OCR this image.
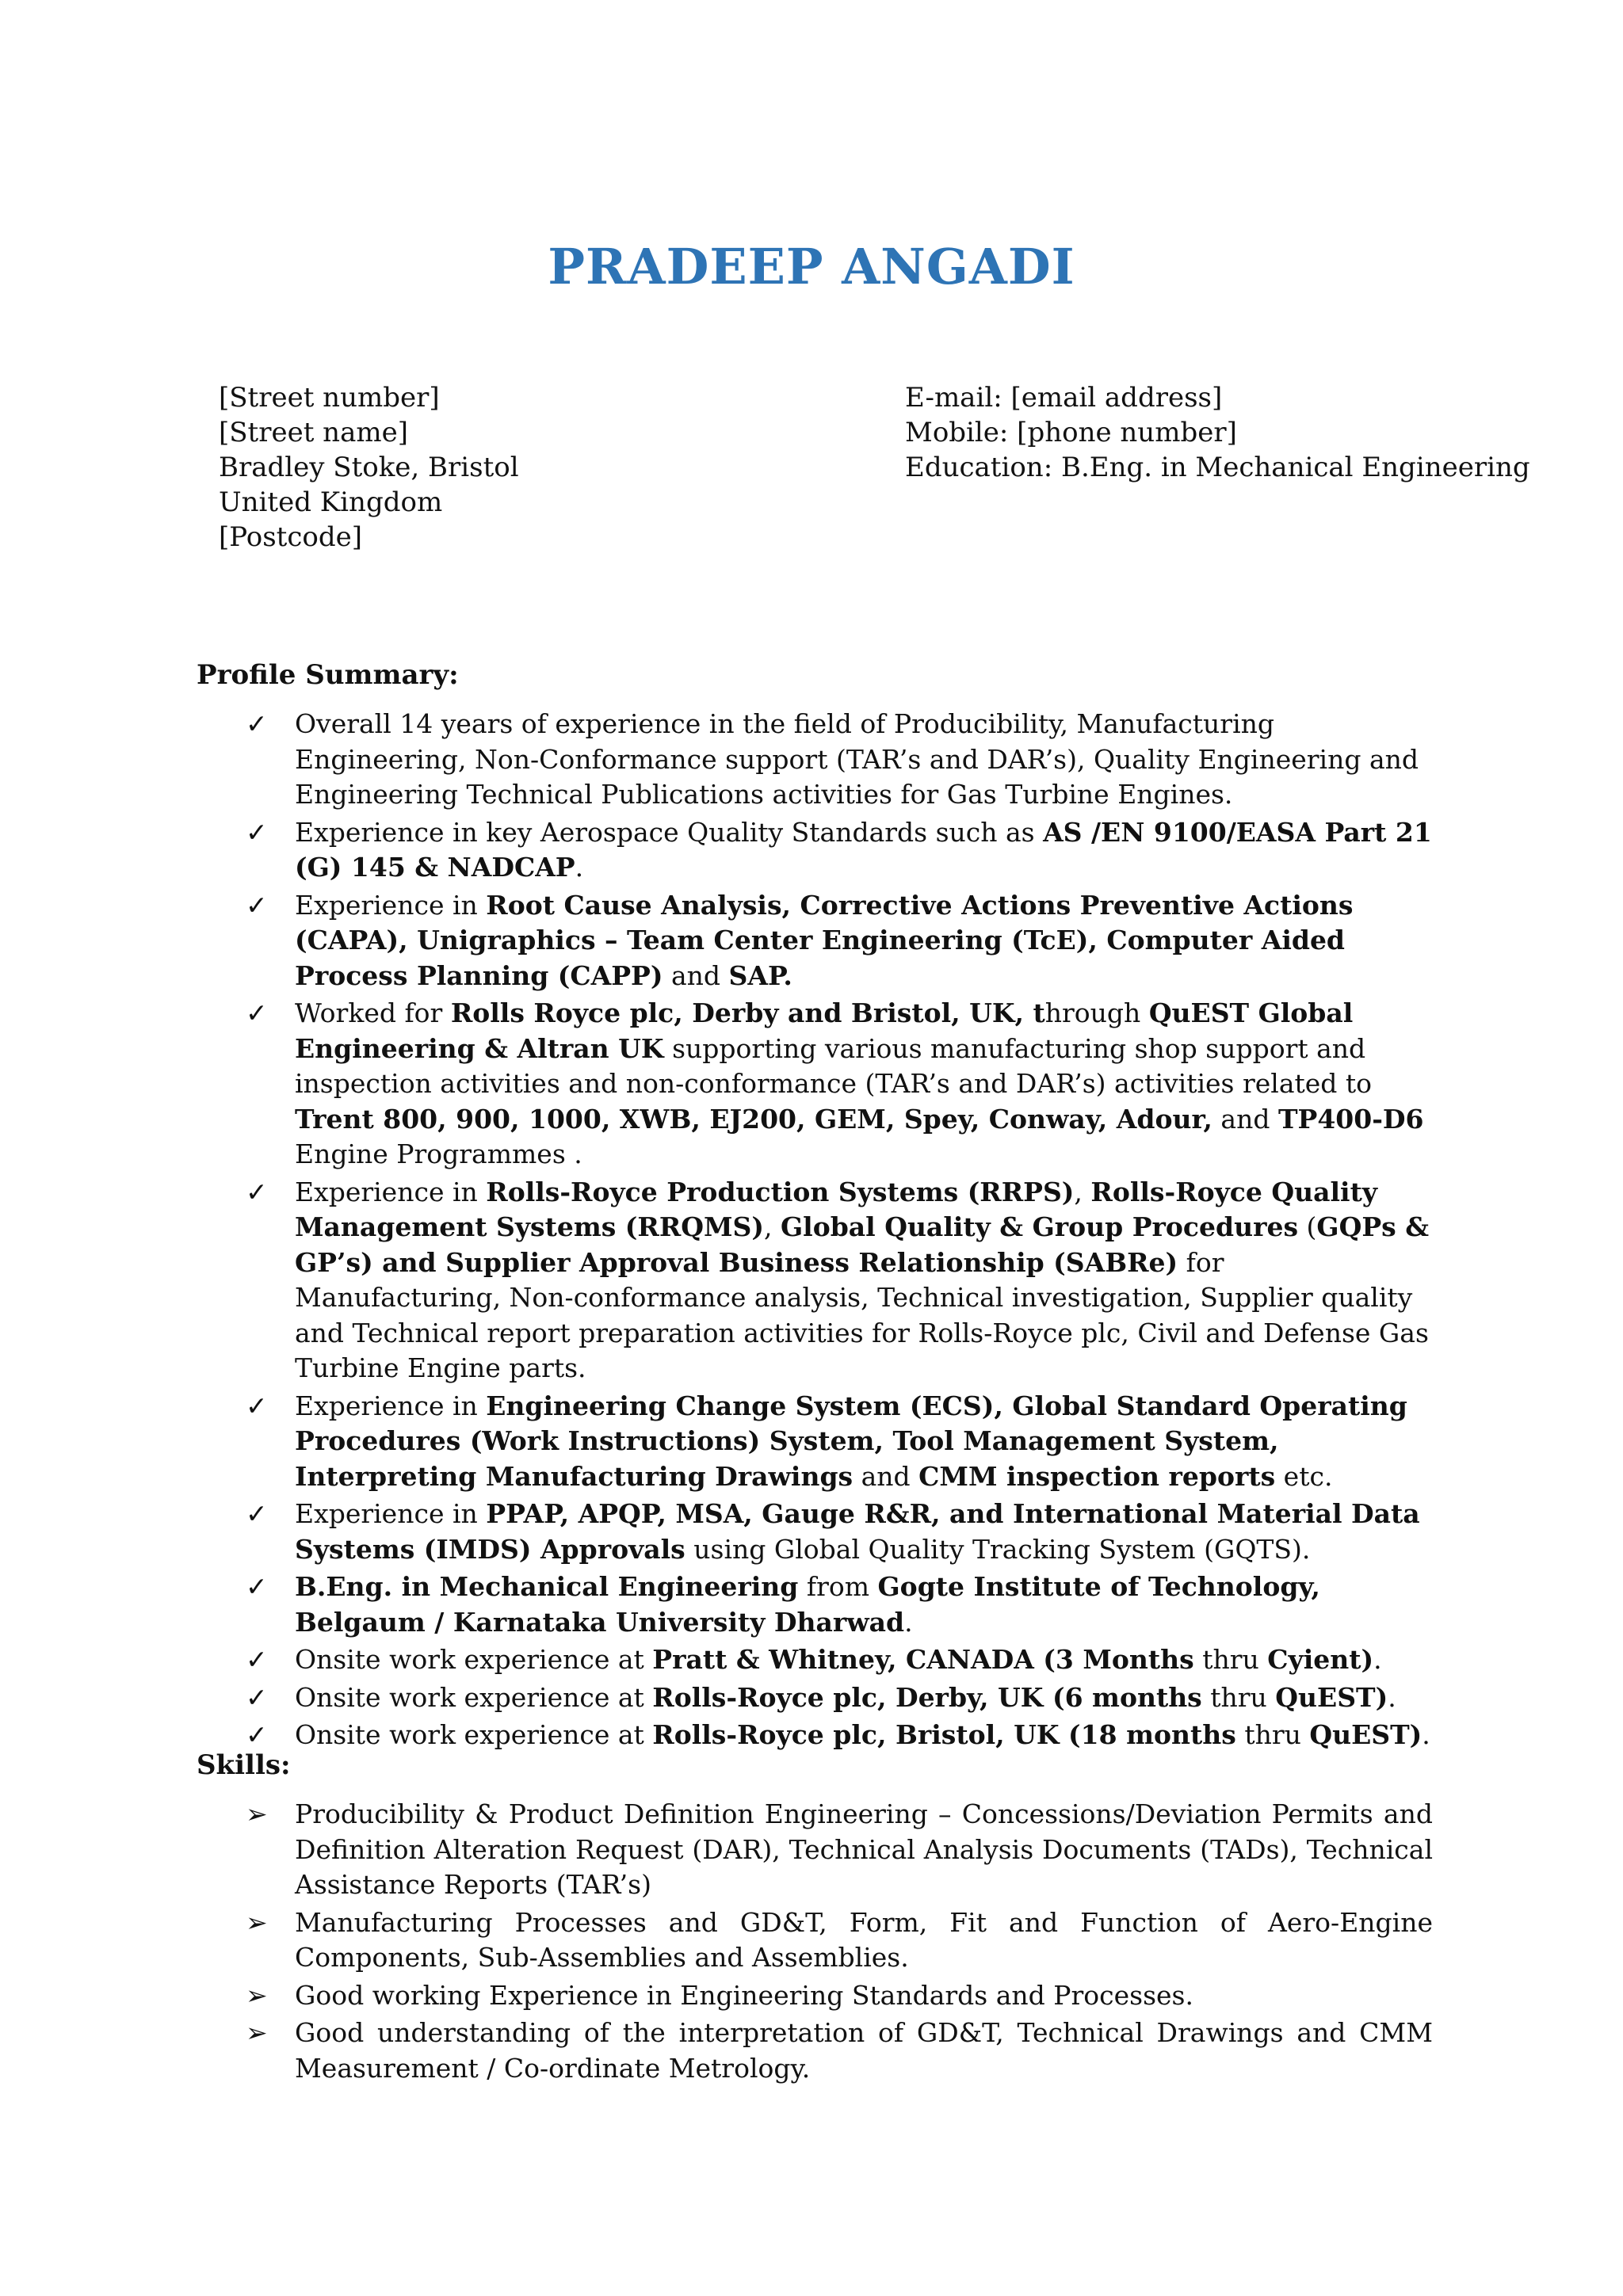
PRADEEP ANGADI
[Street number]
[Street name]
Bradley Stoke, Bristol
United Kingdom
[Postcode]
E-mail: [email address]
Mobile: [phone number]
Education: B.Eng. in Mechanical Engineering
Profile Summary:
✓ Overall 14 years of experience in the field of Producibility, Manufacturing Engineering, Non-Conformance support (TAR’s and DAR’s), Quality Engineering and Engineering Technical Publications activities for Gas Turbine Engines.
✓ Experience in key Aerospace Quality Standards such as AS /EN 9100/EASA Part 21 (G) 145 & NADCAP.
✓ Experience in Root Cause Analysis, Corrective Actions Preventive Actions (CAPA), Unigraphics – Team Center Engineering (TcE), Computer Aided Process Planning (CAPP) and SAP.
✓ Worked for Rolls Royce plc, Derby and Bristol, UK, through QuEST Global Engineering & Altran UK supporting various manufacturing shop support and inspection activities and non-conformance (TAR’s and DAR’s) activities related to Trent 800, 900, 1000, XWB, EJ200, GEM, Spey, Conway, Adour, and TP400-D6 Engine Programmes .
✓ Experience in Rolls-Royce Production Systems (RRPS), Rolls-Royce Quality Management Systems (RRQMS), Global Quality & Group Procedures (GQPs & GP’s) and Supplier Approval Business Relationship (SABRe) for Manufacturing, Non-conformance analysis, Technical investigation, Supplier quality and Technical report preparation activities for Rolls-Royce plc, Civil and Defense Gas Turbine Engine parts.
✓ Experience in Engineering Change System (ECS), Global Standard Operating Procedures (Work Instructions) System, Tool Management System, Interpreting Manufacturing Drawings and CMM inspection reports etc.
✓ Experience in PPAP, APQP, MSA, Gauge R&R, and International Material Data Systems (IMDS) Approvals using Global Quality Tracking System (GQTS).
✓ B.Eng. in Mechanical Engineering from Gogte Institute of Technology, Belgaum / Karnataka University Dharwad.
✓ Onsite work experience at Pratt & Whitney, CANADA (3 Months thru Cyient).
✓ Onsite work experience at Rolls-Royce plc, Derby, UK (6 months thru QuEST).
✓ Onsite work experience at Rolls-Royce plc, Bristol, UK (18 months thru QuEST).
Skills:
➢ Producibility & Product Definition Engineering – Concessions/Deviation Permits and Definition Alteration Request (DAR), Technical Analysis Documents (TADs), Technical Assistance Reports (TAR’s)
➢ Manufacturing Processes and GD&T, Form, Fit and Function of Aero-Engine Components, Sub-Assemblies and Assemblies.
➢ Good working Experience in Engineering Standards and Processes.
➢ Good understanding of the interpretation of GD&T, Technical Drawings and CMM Measurement / Co-ordinate Metrology.
